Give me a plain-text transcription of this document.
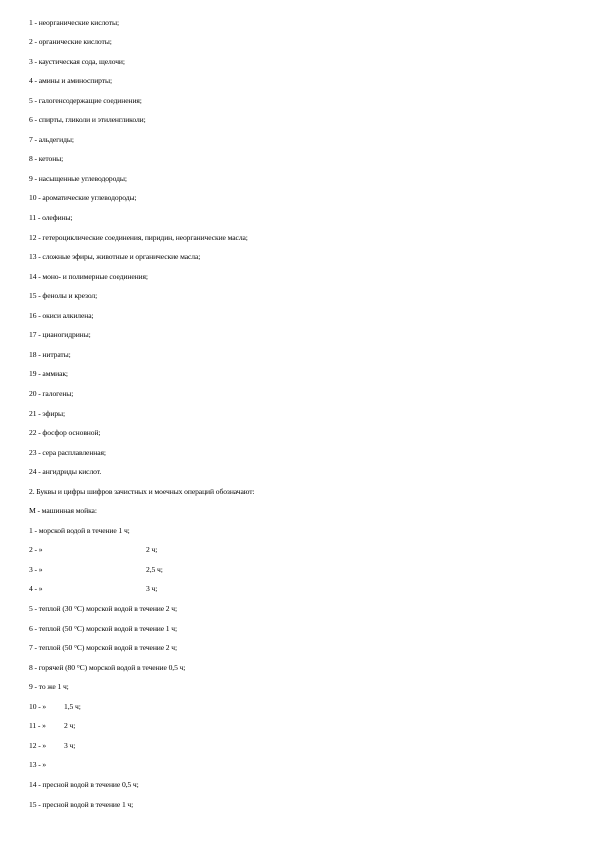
1 - неорганические кислоты;
2 - органические кислоты;
3 - каустическая сода, щелочи;
4 - амины и аминоспирты;
5 - галогенсодержащие соединения;
6 - спирты, гликоли и этиленгликоли;
7 - альдегиды;
8 - кетоны;
9 - насыщенные углеводороды;
10 - ароматические углеводороды;
11 - олефины;
12 - гетероциклические соединения, пиридин, неорганические масла;
13 - сложные эфиры, животные и органические масла;
14 - моно- и полимерные соединения;
15 - фенолы и крезол;
16 - окиси алкилена;
17 - цианогидрины;
18 - нитраты;
19 - аммиак;
20 - галогены;
21 - эфиры;
22 - фосфор основной;
23 - сера расплавленная;
24 - ангидриды кислот.
2. Буквы и цифры шифров зачистных и моечных операций обозначают:
М - машинная мойка:
1 - морской водой в течение 1 ч;
2 - »	2 ч;
3 - »	2,5 ч;
4 - »	3 ч;
5 - теплой (30 °С) морской водой в течение 2 ч;
6 - теплой (50 °С) морской водой в течение 1 ч;
7 - теплой (50 °С) морской водой в течение 2 ч;
8 - горячей (80 °С) морской водой в течение 0,5 ч;
9 - то же 1 ч;
10 - » 1,5 ч;
11 - » 2 ч;
12 - » 3 ч;
13 - »
14 - пресной водой в течение 0,5 ч;
15 - пресной водой в течение 1 ч;
